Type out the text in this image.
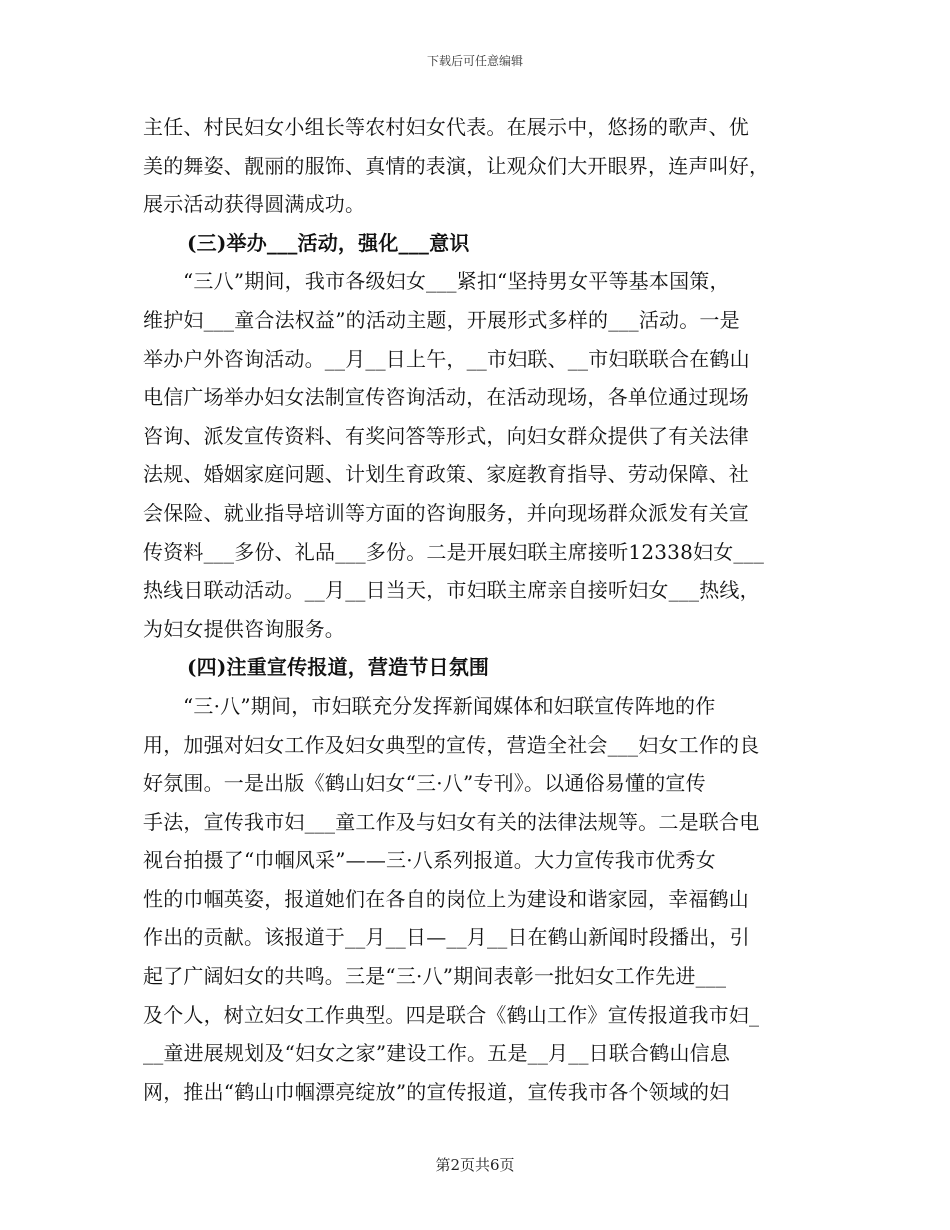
下载后可任意编辑
主任、村民妇女小组长等农村妇女代表。在展示中，悠扬的歌声、优
美的舞姿、靓丽的服饰、真情的表演，让观众们大开眼界，连声叫好，
展示活动获得圆满成功。
(三)举办___活动，强化___意识
“三八”期间，我市各级妇女___紧扣“坚持男女平等基本国策，
维护妇___童合法权益”的活动主题，开展形式多样的___活动。一是
举办户外咨询活动。__月__日上午，__市妇联、__市妇联联合在鹤山
电信广场举办妇女法制宣传咨询活动，在活动现场，各单位通过现场
咨询、派发宣传资料、有奖问答等形式，向妇女群众提供了有关法律
法规、婚姻家庭问题、计划生育政策、家庭教育指导、劳动保障、社
会保险、就业指导培训等方面的咨询服务，并向现场群众派发有关宣
传资料___多份、礼品___多份。二是开展妇联主席接听12338妇女___
热线日联动活动。__月__日当天，市妇联主席亲自接听妇女___热线，
为妇女提供咨询服务。
(四)注重宣传报道，营造节日氛围
“三·八”期间，市妇联充分发挥新闻媒体和妇联宣传阵地的作
用，加强对妇女工作及妇女典型的宣传，营造全社会___妇女工作的良
好氛围。一是出版《鹤山妇女“三·八”专刊》。以通俗易懂的宣传
手法，宣传我市妇___童工作及与妇女有关的法律法规等。二是联合电
视台拍摄了“巾帼风采”——三·八系列报道。大力宣传我市优秀女
性的巾帼英姿，报道她们在各自的岗位上为建设和谐家园，幸福鹤山
作出的贡献。该报道于__月__日—__月__日在鹤山新闻时段播出，引
起了广阔妇女的共鸣。三是“三·八”期间表彰一批妇女工作先进___
及个人，树立妇女工作典型。四是联合《鹤山工作》宣传报道我市妇_
__童进展规划及“妇女之家”建设工作。五是__月__日联合鹤山信息
网，推出“鹤山巾帼漂亮绽放”的宣传报道，宣传我市各个领域的妇
第2页共6页
